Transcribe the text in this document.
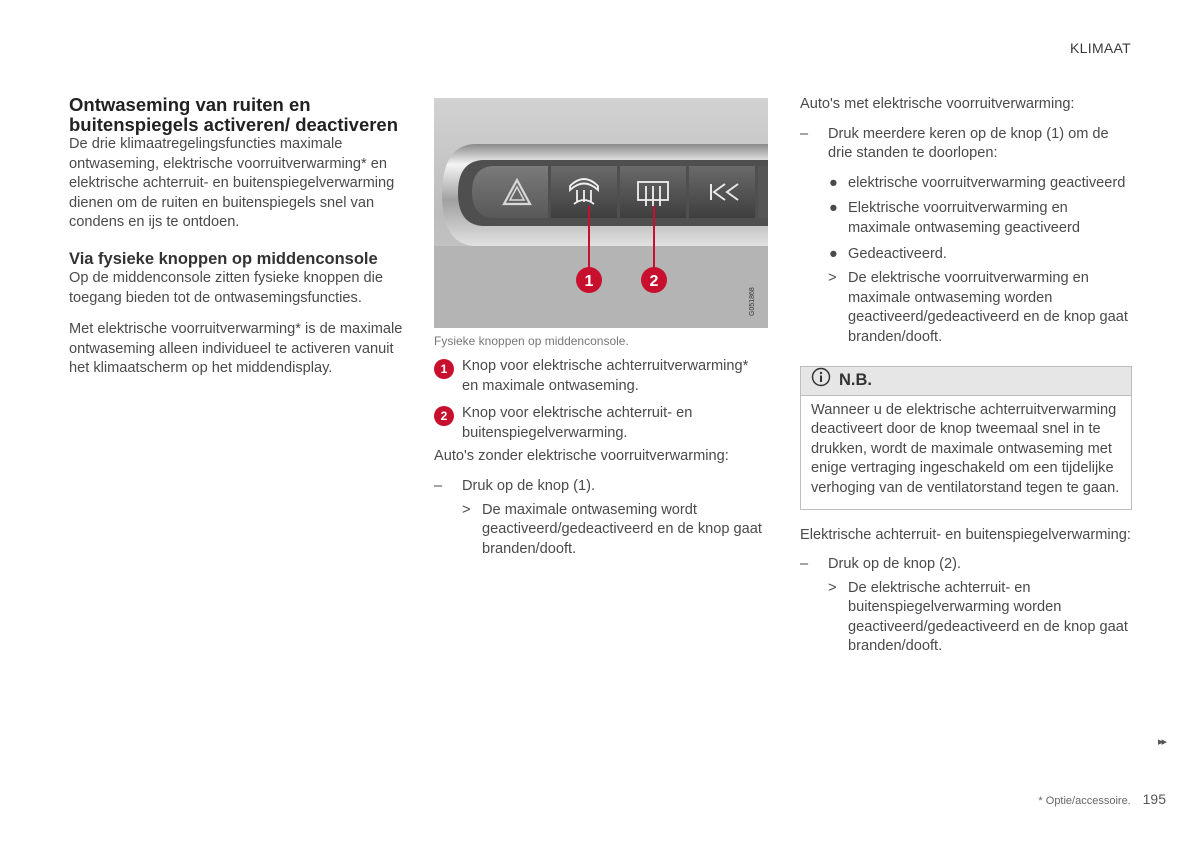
KLIMAAT
Ontwaseming van ruiten en buitenspiegels activeren/ deactiveren

De drie klimaatregelingsfuncties maximale ontwaseming, elektrische voorruitverwarming* en elektrische achterruit- en buitenspiegelverwarming dienen om de ruiten en buitenspiegels snel van condens en ijs te ontdoen.

Via fysieke knoppen op middenconsole

Op de middenconsole zitten fysieke knoppen die toegang bieden tot de ontwasemingsfuncties.

Met elektrische voorruitverwarming* is de maximale ontwaseming alleen individueel te activeren vanuit het klimaatscherm op het middendisplay.

1	2
G051868
Fysieke knoppen op middenconsole.
1	Knop voor elektrische achterruitverwarming* en maximale ontwaseming.
2	Knop voor elektrische achterruit- en buitenspiegelverwarming.

Auto's zonder elektrische voorruitverwarming:

– Druk op de knop (1).
> De maximale ontwaseming wordt geactiveerd/gedeactiveerd en de knop gaat branden/dooft.

Auto's met elektrische voorruitverwarming:

– Druk meerdere keren op de knop (1) om de drie standen te doorlopen:
● elektrische voorruitverwarming geactiveerd
● Elektrische voorruitverwarming en maximale ontwaseming geactiveerd
● Gedeactiveerd.
> De elektrische voorruitverwarming en maximale ontwaseming worden geactiveerd/gedeactiveerd en de knop gaat branden/dooft.
N.B.
Wanneer u de elektrische achterruitverwarming deactiveert door de knop tweemaal snel in te drukken, wordt de maximale ontwaseming met enige vertraging ingeschakeld om een tijdelijke verhoging van de ventilatorstand tegen te gaan.

Elektrische achterruit- en buitenspiegelverwarming:

– Druk op de knop (2).
> De elektrische achterruit- en buitenspiegelverwarming worden geactiveerd/gedeactiveerd en de knop gaat branden/dooft.
▸▸
* Optie/accessoire. 195
